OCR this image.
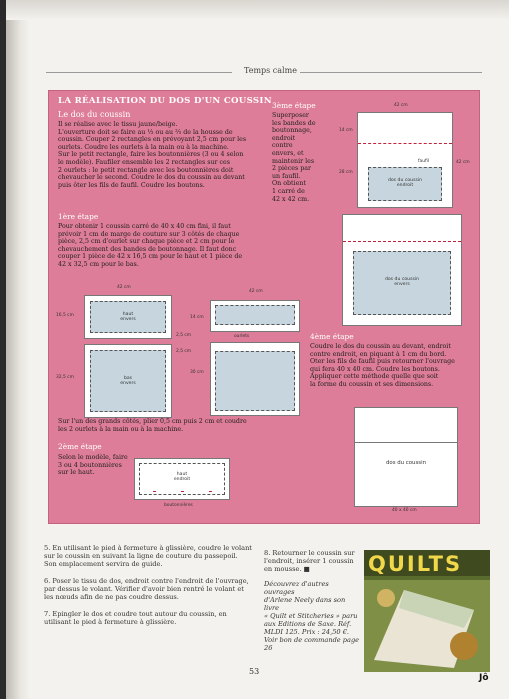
Temps calme
LA RÉALISATION DU DOS D'UN COUSSIN
Le dos du coussin
Il se réalise avec le tissu jaune/beige.
L'ouverture doit se faire au ⅓ ou au ⅔ de la housse de
coussin. Couper 2 rectangles en prévoyant 2,5 cm pour les
ourlets. Coudre les ourlets à la main ou à la machine.
Sur le petit rectangle, faire les boutonnières (3 ou 4 selon
le modèle). Faufiler ensemble les 2 rectangles sur ces
2 ourlets : le petit rectangle avec les boutonnières doit
chevaucher le second. Coudre le dos du coussin au devant
puis ôter les fils de faufil. Coudre les boutons.
1ère étape
Pour obtenir 1 coussin carré de 40 x 40 cm fini, il faut
prévoir 1 cm de marge de couture sur 3 côtés de chaque
pièce, 2,5 cm d'ourlet sur chaque pièce et 2 cm pour le
chevauchement des bandes de boutonnage. Il faut donc
couper 1 pièce de 42 x 16,5 cm pour le haut et 1 pièce de
42 x 32,5 cm pour le bas.
42 cm
16,5 cm	haut
envers
2,5 cm
2,5 cm
32,5 cm	bas
envers
42 cm
14 cm
ourlets
30 cm
Sur l'un des grands côtés, plier 0,5 cm puis 2 cm et coudre
les 2 ourlets à la main ou à la machine.
2ème étape
Selon le modèle, faire
3 ou 4 boutonnières
sur le haut.	haut
endroit
boutonnières
3ème étape
Superposer
les bandes de
boutonnage,
endroit
contre
envers, et
maintenir les
2 pièces par
un faufil.
On obtient
1 carré de
42 x 42 cm.
42 cm
14 cm
28 cm
42 cm
faufil
dos du coussin
endroit
dos du coussin
envers
4ème étape
Coudre le dos du coussin au devant, endroit
contre endroit, en piquant à 1 cm du bord.
Oter les fils de faufil puis retourner l'ouvrage
qui fera 40 x 40 cm. Coudre les boutons.
Appliquer cette méthode quelle que soit
la forme du coussin et ses dimensions.
dos du coussin
40 x 40 cm
5. En utilisant le pied à fermeture à glissière, coudre le volant sur le coussin en suivant la ligne de couture du passepoil. Son emplacement servira de guide.
6. Poser le tissu de dos, endroit contre l'endroit de l'ouvrage, par dessus le volant. Vérifier d'avoir bien rentré le volant et les nœuds afin de ne pas coudre dessus.
7. Epingler le dos et coudre tout autour du coussin, en utilisant le pied à fermeture à glissière.
8. Retourner le coussin sur
l'endroit, insérer 1 coussin
en mousse. ■
Découvrez d'autres ouvrages
d'Arlene Neely dans son livre
« Quilt et Stitcheries » paru
aux Editions de Saxe. Réf.
MLDI 125. Prix : 24,50 €.
Voir bon de commande page 26
QUILTS
53
Jô
